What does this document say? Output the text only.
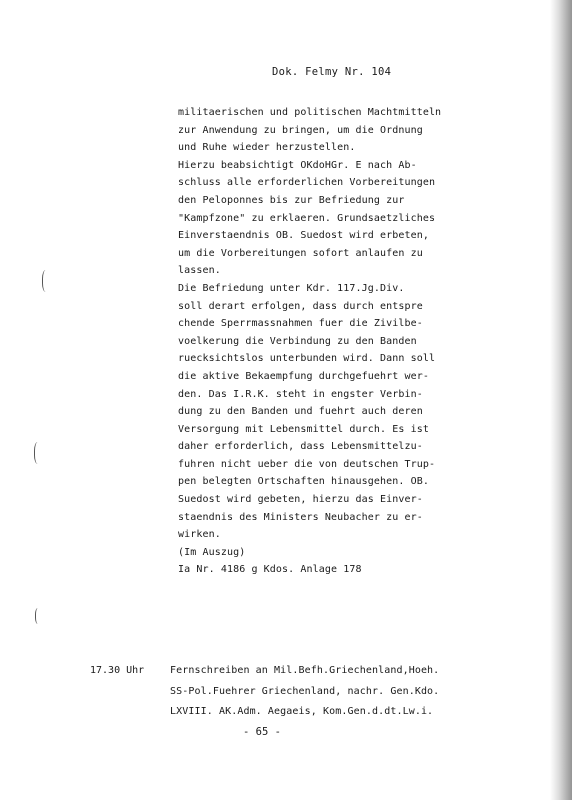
Dok. Felmy Nr. 104
militaerischen und politischen Machtmitteln
zur Anwendung zu bringen, um die Ordnung
und Ruhe wieder herzustellen.
Hierzu beabsichtigt OKdoHGr. E nach Ab-
schluss alle erforderlichen Vorbereitungen
den Peloponnes bis zur Befriedung zur
"Kampfzone" zu erklaeren. Grundsaetzliches
Einverstaendnis OB. Suedost wird erbeten,
um die Vorbereitungen sofort anlaufen zu
lassen.
Die Befriedung unter Kdr. 117.Jg.Div.
soll derart erfolgen, dass durch entspre
chende Sperrmassnahmen fuer die Zivilbe-
voelkerung die Verbindung zu den Banden
ruecksichtslos unterbunden wird. Dann soll
die aktive Bekaempfung durchgefuehrt wer-
den. Das I.R.K. steht in engster Verbin-
dung zu den Banden und fuehrt auch deren
Versorgung mit Lebensmittel durch. Es ist
daher erforderlich, dass Lebensmittelzu-
fuhren nicht ueber die von deutschen Trup-
pen belegten Ortschaften hinausgehen. OB.
Suedost wird gebeten, hierzu das Einver-
staendnis des Ministers Neubacher zu er-
wirken.
(Im Auszug)
Ia Nr. 4186 g Kdos. Anlage 178
17.30 Uhr	Fernschreiben an Mil.Befh.Griechenland,Hoeh.
SS-Pol.Fuehrer Griechenland, nachr. Gen.Kdo.
LXVIII. AK.Adm. Aegaeis, Kom.Gen.d.dt.Lw.i.
- 65 -
